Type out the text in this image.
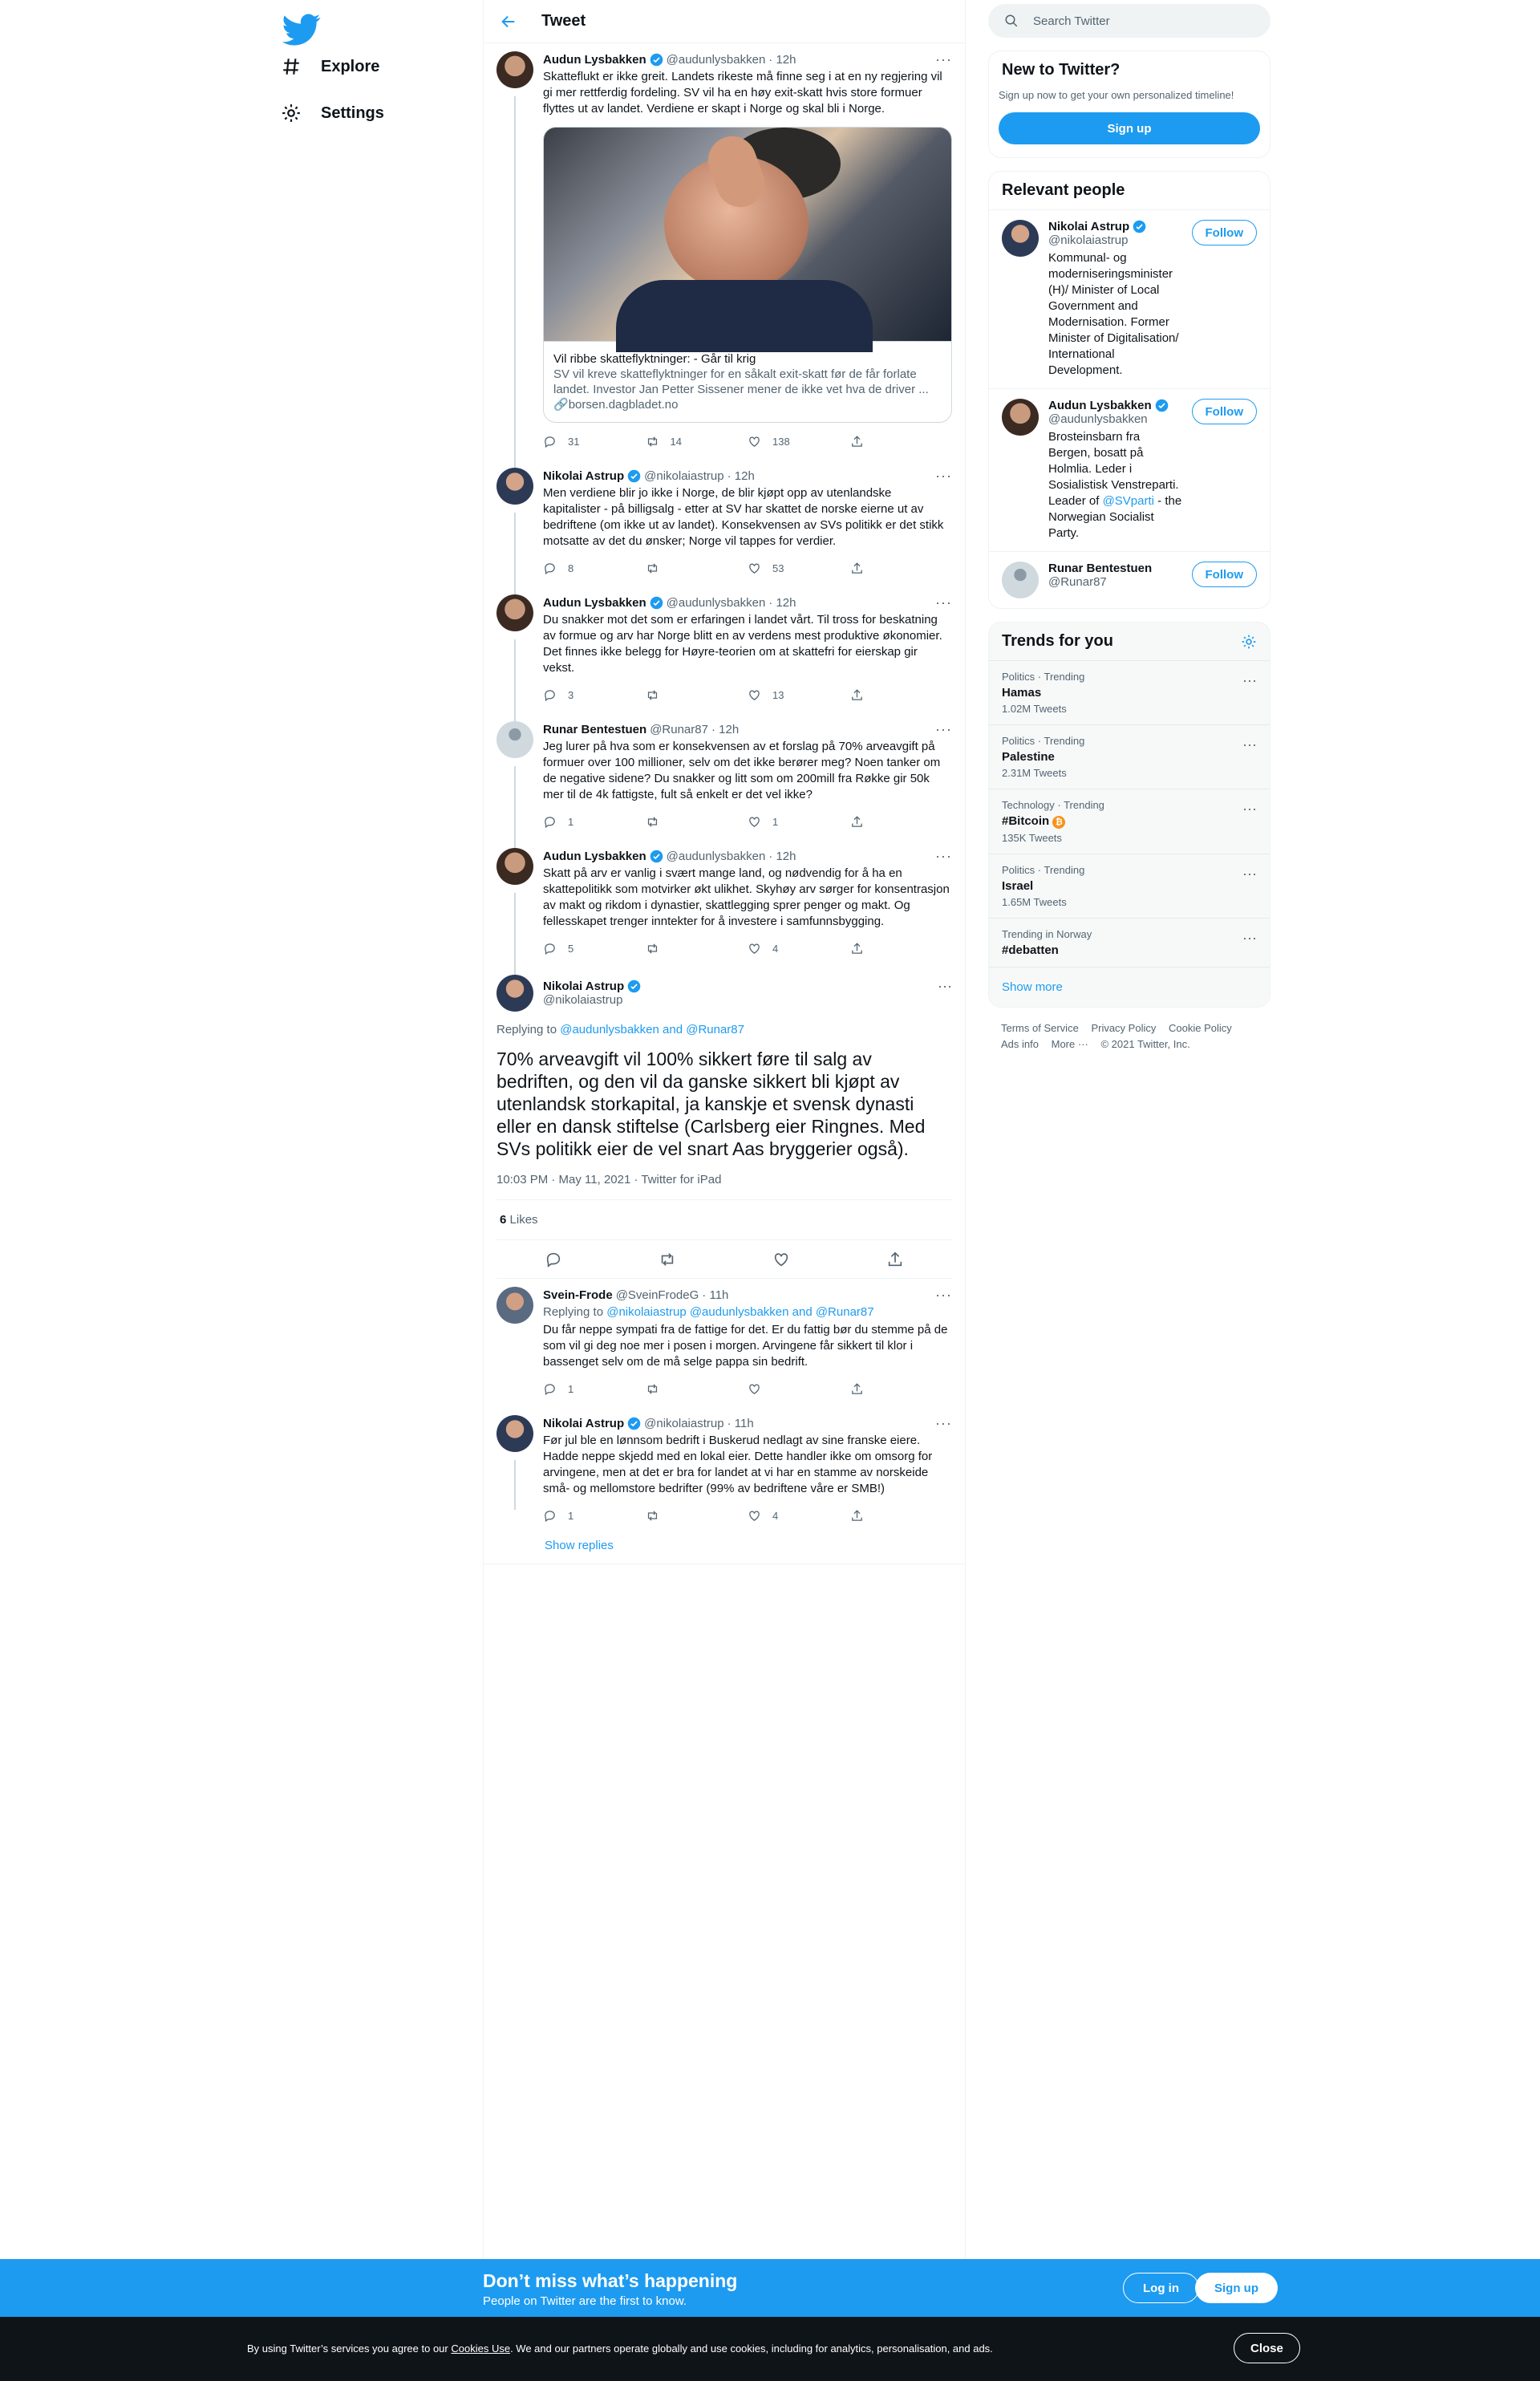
Explore
Settings
Tweet
Audun Lysbakken @audunlysbakken · 12h	···
Skatteflukt er ikke greit. Landets rikeste må finne seg i at en ny regjering vil gi mer rettferdig fordeling. SV vil ha en høy exit-skatt hvis store formuer flyttes ut av landet. Verdiene er skapt i Norge og skal bli i Norge.
Vil ribbe skatteflyktninger: - Går til krig
SV vil kreve skatteflyktninger for en såkalt exit-skatt før de får forlate landet. Investor Jan Petter Sissener mener de ikke vet hva de driver ...
🔗borsen.dagbladet.no
31	14	138
Nikolai Astrup @nikolaiastrup · 12h	···
Men verdiene blir jo ikke i Norge, de blir kjøpt opp av utenlandske kapitalister - på billigsalg - etter at SV har skattet de norske eierne ut av bedriftene (om ikke ut av landet). Konsekvensen av SVs politikk er det stikk motsatte av det du ønsker; Norge vil tappes for verdier.
8	53
Audun Lysbakken @audunlysbakken · 12h	···
Du snakker mot det som er erfaringen i landet vårt. Til tross for beskatning av formue og arv har Norge blitt en av verdens mest produktive økonomier. Det finnes ikke belegg for Høyre-teorien om at skattefri for eierskap gir vekst.
3	13
Runar Bentestuen @Runar87 · 12h	···
Jeg lurer på hva som er konsekvensen av et forslag på 70% arveavgift på formuer over 100 millioner, selv om det ikke berører meg? Noen tanker om de negative sidene? Du snakker og litt som om 200mill fra Røkke gir 50k mer til de 4k fattigste, fult så enkelt er det vel ikke?
1	1
Audun Lysbakken @audunlysbakken · 12h	···
Skatt på arv er vanlig i svært mange land, og nødvendig for å ha en skattepolitikk som motvirker økt ulikhet. Skyhøy arv sørger for konsentrasjon av makt og rikdom i dynastier, skattlegging sprer penger og makt. Og fellesskapet trenger inntekter for å investere i samfunnsbygging.
5	4
Nikolai Astrup
@nikolaiastrup
···
Replying to @audunlysbakken and @Runar87
70% arveavgift vil 100% sikkert føre til salg av bedriften, og den vil da ganske sikkert bli kjøpt av utenlandsk storkapital, ja kanskje et svensk dynasti eller en dansk stiftelse (Carlsberg eier Ringnes. Med SVs politikk eier de vel snart Aas bryggerier også).
10:03 PM · May 11, 2021 · Twitter for iPad
6 Likes
Svein-Frode @SveinFrodeG · 11h	···
Replying to @nikolaiastrup @audunlysbakken and @Runar87
Du får neppe sympati fra de fattige for det. Er du fattig bør du stemme på de som vil gi deg noe mer i posen i morgen. Arvingene får sikkert til klor i bassenget selv om de må selge pappa sin bedrift.
1
Nikolai Astrup @nikolaiastrup · 11h	···
Før jul ble en lønnsom bedrift i Buskerud nedlagt av sine franske eiere. Hadde neppe skjedd med en lokal eier. Dette handler ikke om omsorg for arvingene, men at det er bra for landet at vi har en stamme av norskeide små- og mellomstore bedrifter (99% av bedriftene våre er SMB!)
1	4
Show replies
Search Twitter
New to Twitter?
Sign up now to get your own personalized timeline!
Sign up
Relevant people
Nikolai Astrup
@nikolaiastrup
Kommunal- og moderniseringsminister (H)/ Minister of Local Government and Modernisation. Former Minister of Digitalisation/ International Development.
Follow
Audun Lysbakken
@audunlysbakken
Brosteinsbarn fra Bergen, bosatt på Holmlia. Leder i Sosialistisk Venstreparti. Leader of @SVparti - the Norwegian Socialist Party.
Follow
Runar Bentestuen
@Runar87
Follow
Trends for you
Politics · Trending
Hamas
1.02M Tweets
···
Politics · Trending
Palestine
2.31M Tweets
···
Technology · Trending
#Bitcoin ₿
135K Tweets
···
Politics · Trending
Israel
1.65M Tweets
···
Trending in Norway
#debatten
···
Show more
Terms of Service Privacy Policy Cookie Policy
Ads info More ··· © 2021 Twitter, Inc.
Don’t miss what’s happening
People on Twitter are the first to know.
Log in	Sign up
By using Twitter’s services you agree to our Cookies Use. We and our partners operate globally and use cookies, including for analytics, personalisation, and ads.	Close
